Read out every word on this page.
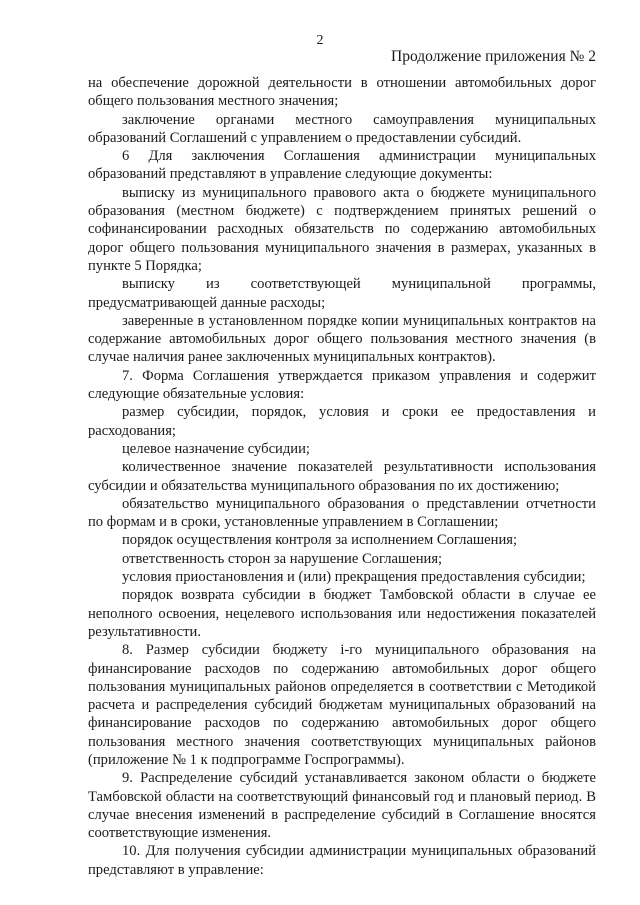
2
Продолжение приложения № 2

на обеспечение дорожной деятельности в отношении автомобильных дорог общего пользования местного значения;

заключение органами местного самоуправления муниципальных образований Соглашений с управлением о предоставлении субсидий.

6 Для заключения Соглашения администрации муниципальных образований представляют в управление следующие документы:

выписку из муниципального правового акта о бюджете муниципального образования (местном бюджете) с подтверждением принятых решений о софинансировании расходных обязательств по содержанию автомобильных дорог общего пользования муниципального значения в размерах, указанных в пункте 5 Порядка;

выписку из соответствующей муниципальной программы, предусматривающей данные расходы;

заверенные в установленном порядке копии муниципальных контрактов на содержание автомобильных дорог общего пользования местного значения (в случае наличия ранее заключенных муниципальных контрактов).

7. Форма Соглашения утверждается приказом управления и содержит следующие обязательные условия:

размер субсидии, порядок, условия и сроки ее предоставления и расходования;

целевое назначение субсидии;

количественное значение показателей результативности использования субсидии и обязательства муниципального образования по их достижению;

обязательство муниципального образования о представлении отчетности по формам и в сроки, установленные управлением в Соглашении;

порядок осуществления контроля за исполнением Соглашения;

ответственность сторон за нарушение Соглашения;

условия приостановления и (или) прекращения предоставления субсидии;

порядок возврата субсидии в бюджет Тамбовской области в случае ее неполного освоения, нецелевого использования или недостижения показателей результативности.

8. Размер субсидии бюджету i-го муниципального образования на финансирование расходов по содержанию автомобильных дорог общего пользования муниципальных районов определяется в соответствии с Методикой расчета и распределения субсидий бюджетам муниципальных образований на финансирование расходов по содержанию автомобильных дорог общего пользования местного значения соответствующих муниципальных районов (приложение № 1 к подпрограмме Госпрограммы).

9. Распределение субсидий устанавливается законом области о бюджете Тамбовской области на соответствующий финансовый год и плановый период. В случае внесения изменений в распределение субсидий в Соглашение вносятся соответствующие изменения.

10. Для получения субсидии администрации муниципальных образований представляют в управление:
